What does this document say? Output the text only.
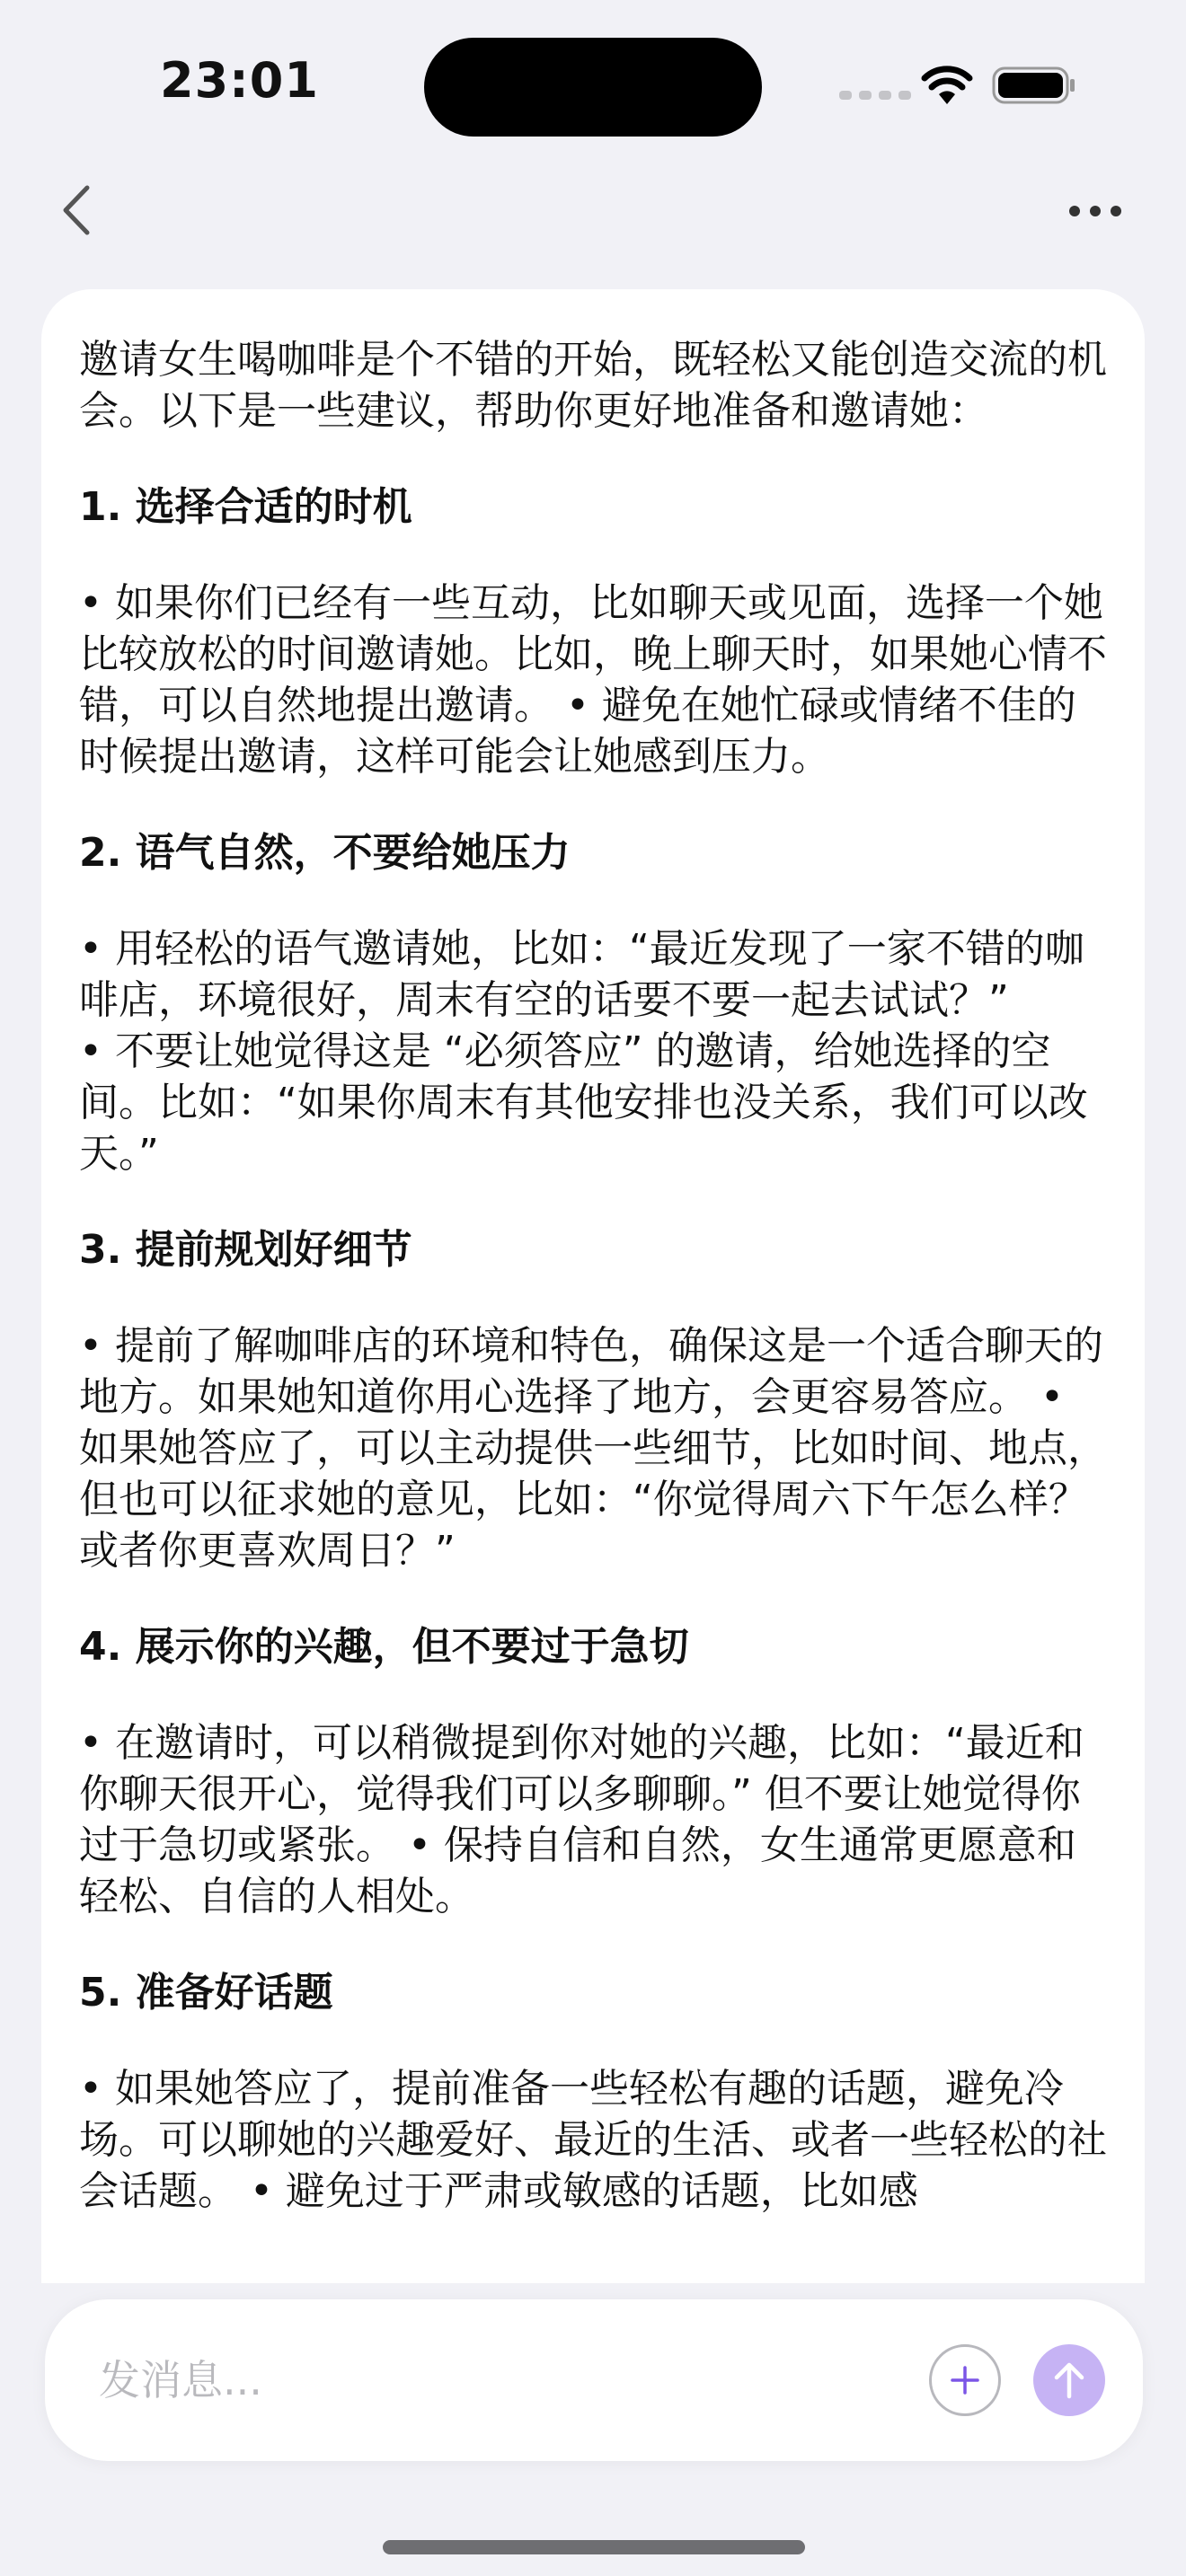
23:01

邀请女生喝咖啡是个不错的开始，既轻松又能创造交流的机会。以下是一些建议，帮助你更好地准备和邀请她：

1. 选择合适的时机

• 如果你们已经有一些互动，比如聊天或见面，选择一个她比较放松的时间邀请她。比如，晚上聊天时，如果她心情不错，可以自然地提出邀请。 • 避免在她忙碌或情绪不佳的时候提出邀请，这样可能会让她感到压力。

2. 语气自然，不要给她压力

• 用轻松的语气邀请她，比如：“最近发现了一家不错的咖啡店，环境很好，周末有空的话要不要一起去试试？”

• 不要让她觉得这是 “必须答应” 的邀请，给她选择的空间。比如：“如果你周末有其他安排也没关系，我们可以改天。”

3. 提前规划好细节

• 提前了解咖啡店的环境和特色，确保这是一个适合聊天的地方。如果她知道你用心选择了地方，会更容易答应。 • 如果她答应了，可以主动提供一些细节，比如时间、地点，但也可以征求她的意见，比如：“你觉得周六下午怎么样？或者你更喜欢周日？”

4. 展示你的兴趣，但不要过于急切

• 在邀请时，可以稍微提到你对她的兴趣，比如：“最近和你聊天很开心，觉得我们可以多聊聊。” 但不要让她觉得你过于急切或紧张。 • 保持自信和自然，女生通常更愿意和轻松、自信的人相处。

5. 准备好话题

• 如果她答应了，提前准备一些轻松有趣的话题，避免冷场。可以聊她的兴趣爱好、最近的生活、或者一些轻松的社会话题。 • 避免过于严肃或敏感的话题，比如感

发消息...
